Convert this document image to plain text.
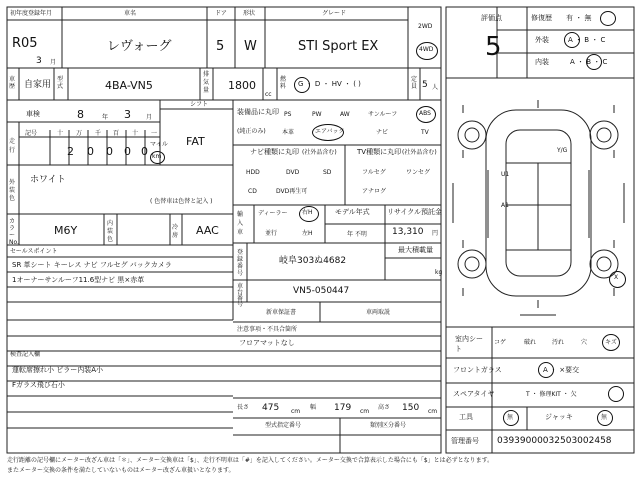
初年度登録年月
R05
3 月
車名
レヴォーグ
ドア
5
形状
W
グレード
STI Sport EX
2WD
4WD
車歴 自家用
型式	4BA-VN5
排気量 1800
cc
燃料 G ・ D ・ HV ・ ( )
定員 5 人
車検	8	年 3	月
シフト
FAT
走行
記号	十 万 千 百 十 一
2 0 0 0 0
マイル
km
外装色
ホワイト
( 色替車は色替と記入 )
カラー No.
M6Y
内装色
冷房 AAC
セールスポイント
SR 革シート キーレス ナビ フルセグ バックカメラ
1オーナーサンルーフ11.6型ナビ 黒×赤革
検査記入欄
運転席擦れ小 ピラー内装A小
Fガラス飛び石小
装備品に丸印
(純正のみ)
PS	PW	AW	サンルーフ	ABS
本革	エアバック	ナビ	TV
ナビ種類に丸印 (社外品含む)
HDD	DVD	SD
CD	DVD再生可
TV種類に丸印 (社外品含む)
フルセグ	ワンセグ
アナログ
輸入車
ディーラー 右H
並行	左H
モデル年式
年 不明
リサイクル預託金
13,310 円
最大積載量
kg
登録番号
岐阜303ぬ4682
車台番号
VN5-050447
新車保証書	車両取説
注意事項・不具合箇所
フロアマットなし
長さ 475 cm
幅 179 cm
高さ 150 cm
型式指定番号	類別区分番号
評価点
5
修復歴 有 ・ 無
外装	A ・ B ・ C
内装	A ・ B ・ C
Y/G
U1
A1
X
室内シート
コゲ	破れ	汚れ	穴	キズ
フロントガラス	A ・ ×要交
スペアタイヤ	T ・ 修理KIT ・ 欠
工具	無	ジャッキ	無
管理番号 03939000032503002458
走行距離の記号欄にメーター改ざん車は「＊」、メーター交換車は「$」、走行不明車は「#」を記入してください。メーター交換で合算表示した場合にも「$」とは必ずとなります。
またメーター交換の条件を満たしていないものはメーター改ざん車扱いとなります。
